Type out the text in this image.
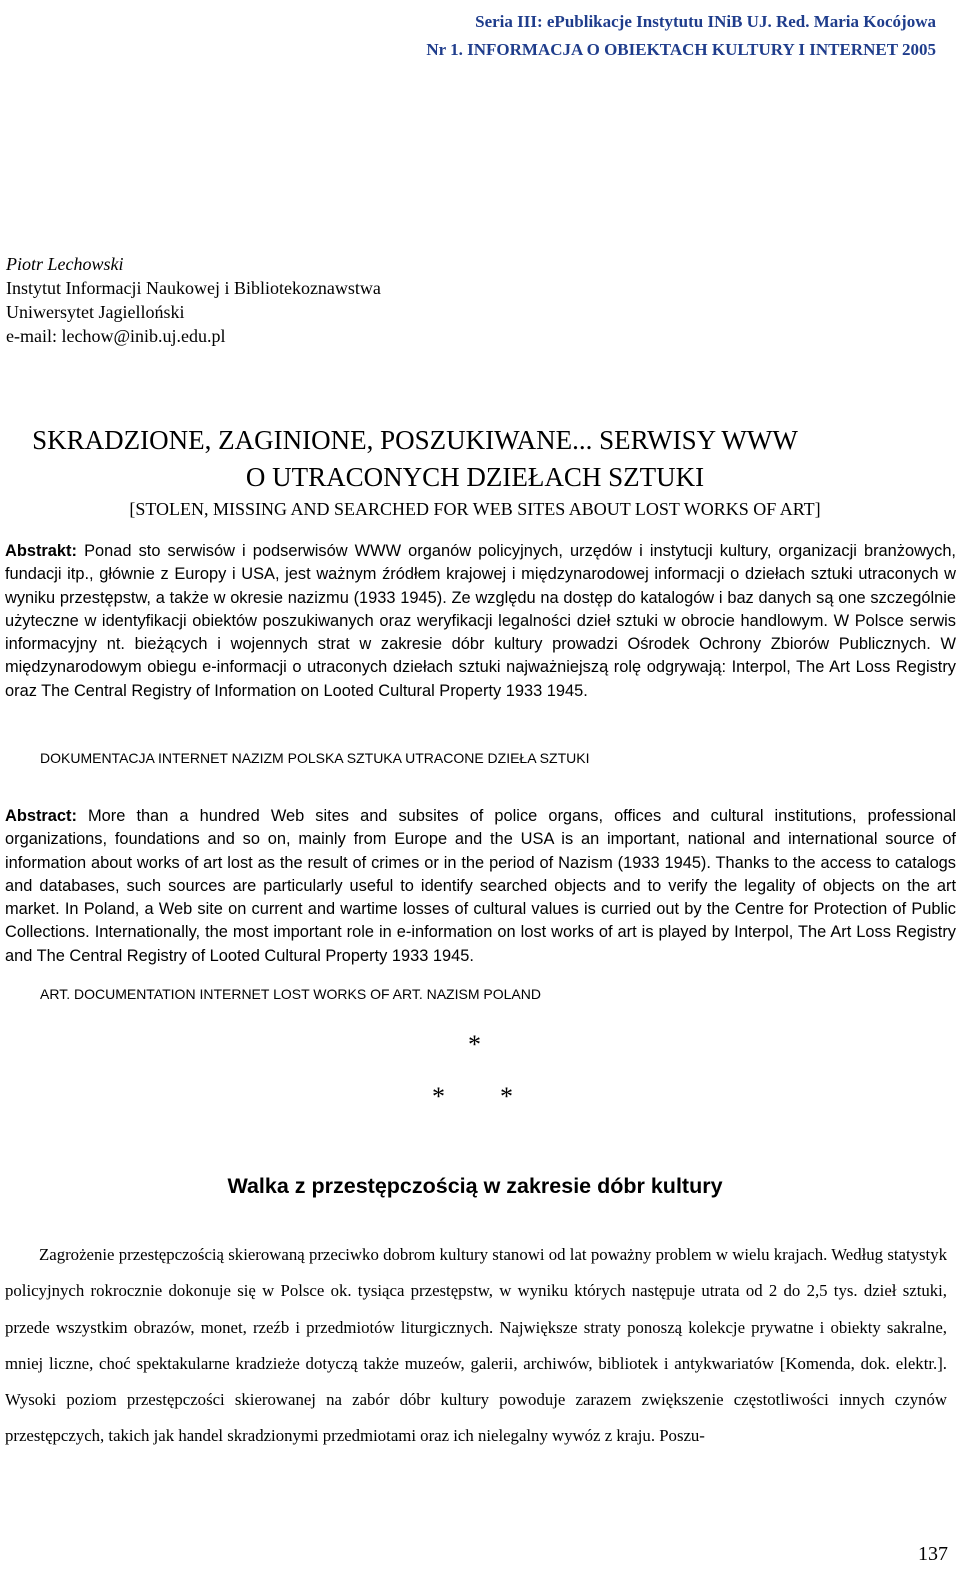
Seria III: ePublikacje Instytutu INiB UJ. Red. Maria Kocójowa
Nr 1. INFORMACJA O OBIEKTACH KULTURY I INTERNET 2005
Piotr Lechowski
Instytut Informacji Naukowej i Bibliotekoznawstwa
Uniwersytet Jagielloński
e-mail: lechow@inib.uj.edu.pl
SKRADZIONE, ZAGINIONE, POSZUKIWANE... SERWISY WWW
O UTRACONYCH DZIEŁACH SZTUKI
[STOLEN, MISSING AND SEARCHED FOR WEB SITES ABOUT LOST WORKS OF ART]
Abstrakt: Ponad sto serwisów i podserwisów WWW organów policyjnych, urzędów i instytucji kultury, organizacji branżowych, fundacji itp., głównie z Europy i USA, jest ważnym źródłem krajowej i międzynarodowej informacji o dziełach sztuki utraconych w wyniku przestępstw, a także w okresie nazizmu (1933 1945). Ze względu na dostęp do katalogów i baz danych są one szczególnie użyteczne w identyfikacji obiektów poszukiwanych oraz weryfikacji legalności dzieł sztuki w obrocie handlowym. W Polsce serwis informacyjny nt. bieżących i wojennych strat w zakresie dóbr kultury prowadzi Ośrodek Ochrony Zbiorów Publicznych. W międzynarodowym obiegu e-informacji o utraconych dziełach sztuki najważniejszą rolę odgrywają: Interpol, The Art Loss Registry oraz The Central Registry of Information on Looted Cultural Property 1933 1945.
DOKUMENTACJA INTERNET NAZIZM POLSKA SZTUKA UTRACONE DZIEŁA SZTUKI
Abstract: More than a hundred Web sites and subsites of police organs, offices and cultural institutions, professional organizations, foundations and so on, mainly from Europe and the USA is an important, national and international source of information about works of art lost as the result of crimes or in the period of Nazism (1933 1945). Thanks to the access to catalogs and databases, such sources are particularly useful to identify searched objects and to verify the legality of objects on the art market. In Poland, a Web site on current and wartime losses of cultural values is curried out by the Centre for Protection of Public Collections. Internationally, the most important role in e-information on lost works of art is played by Interpol, The Art Loss Registry and The Central Registry of Looted Cultural Property 1933 1945.
ART. DOCUMENTATION INTERNET LOST WORKS OF ART. NAZISM POLAND
*
* *
Walka z przestępczością w zakresie dóbr kultury
Zagrożenie przestępczością skierowaną przeciwko dobrom kultury stanowi od lat poważny problem w wielu krajach. Według statystyk policyjnych rokrocznie dokonuje się w Polsce ok. tysiąca przestępstw, w wyniku których następuje utrata od 2 do 2,5 tys. dzieł sztuki, przede wszystkim obrazów, monet, rzeźb i przedmiotów liturgicznych. Największe straty ponoszą kolekcje prywatne i obiekty sakralne, mniej liczne, choć spektakularne kradzieże dotyczą także muzeów, galerii, archiwów, bibliotek i antykwariatów [Komenda, dok. elektr.]. Wysoki poziom przestępczości skierowanej na zabór dóbr kultury powoduje zarazem zwiększenie częstotliwości innych czynów przestępczych, takich jak handel skradzionymi przedmiotami oraz ich nielegalny wywóz z kraju. Poszu-
137
